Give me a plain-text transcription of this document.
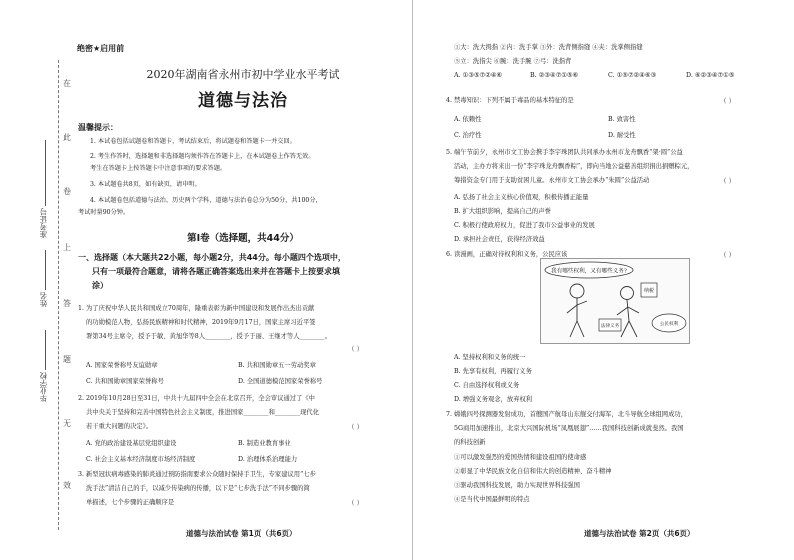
在
此
卷
上
答
题
无
效
准考证号
姓名
毕业学校
绝密★启用前
2020年湖南省永州市初中学业水平考试
道德与法治
温馨提示：
1. 本试卷包括试题卷和答题卡，考试结束后，将试题卷和答题卡一并交回。
2. 考生作答时，选择题和非选择题均须作答在答题卡上，在本试题卷上作答无效。
考生在答题卡上按答题卡中注意事项的要求答题。
3. 本试题卷共8页，如有缺页，请申明。
4. 本试题卷包括道德与法治、历史两个学科，道德与法治卷总分为50分，共100分，
考试时量90分钟。
第Ⅰ卷（选择题，共44分）
一、选择题（本大题共22小题，每小题2分，共44分。每小题四个选项中，
只有一项最符合题意，请将各题正确答案选出来并在答题卡上按要求填
涂）
1. 为了庆祝中华人民共和国成立70周年，隆重表彰为新中国建设和发展作出杰出贡献
的功勋模范人物，弘扬民族精神和时代精神，2019年9月17日，国家主席习近平签
署第34号主席令，授予于敏、黄旭华等8人________，授予于丽、王继才等人________。
（ ）
A. 国家荣誉称号友谊勋章	B. 共和国勋章五一劳动奖章
C. 共和国勋章国家荣誉称号	D. 全国道德模范国家荣誉称号
2. 2019年10月28日至31日，中共十九届四中全会在北京召开，全会审议通过了《中
共中央关于坚持和完善中国特色社会主义制度，推进国家________和________现代化
若干重大问题的决定》。	（ ）
A. 党的政治建设基层党组织建设	B. 制造业教育事业
C. 社会主义基本经济制度市场经济制度	D. 治理体系治理能力
3. 新型冠状病毒感染的肺炎通过预防指南要求公众随时保持手卫生，专家建议用“七步
洗手法”清洁自己的手，以减少传染病的传播，以下是“七步洗手法”不同步骤的简
单描述，七个步骤的正确顺序是	（ ）
道德与法治试卷 第1页（共6页）
①大：洗大拇指 ②内：洗手掌 ③外：洗背侧指缝 ④夹：洗掌侧指缝
⑤立：洗指尖 ⑥腕：洗手腕 ⑦弓：洗指背
A. ①③⑤⑦②④⑥	B. ②③④⑦①⑤⑥	C. ①⑤⑦②④⑥③	D. ⑥②③④⑦①⑤
4. 禁毒知识：下列不属于毒品的基本特征的是	（ ）
A. 依赖性	B. 致害性
C. 治疗性	D. 耐受性
5. 端午节前夕，永州市文工协会携手李宇珠团队共同承办永州市龙舟飘香“架·圆”公益
活动，主办方将来出一份“李宇珠龙舟飘香粽”，即向当地公益慈善组织捐出捐赠粽元，
筹措资金专门用于支助贫困儿童。永州市文工协会承办“朱圆”公益活动	（ ）
A. 弘扬了社会主义核心价值观，积极传播正能量
B. 扩大组织影响，提高自己的声誉
C. 积极行使政府权力，促进了我市公益事业的发展
D. 承担社会责任，获得经济效益
6. 读漫画，正确对待权利和义务，公民应该	（ ）
我有哪些权利，又有哪些义务?
纳税
法律义务	公民权利
A. 坚持权利和义务的统一
B. 先享有权利，再履行义务
C. 自由选择权利或义务
D. 增强义务观念，放弃权利
7. 嫦娥四号探测器发射成功，首艘国产航母山东舰交付海军，北斗导航全球组网成功，
5G商用加速推出，北京大兴国际机场“凤凰展翅”……我国科技创新成就斐然。我国
的科技创新
①可以激发强烈的爱国热情和建设祖国的使命感
②彰显了中华民族文化自信和伟大的创造精神、奋斗精神
③驱动我国科技发展，助力实现世界科技强国
④是当代中国最鲜明的特点
道德与法治试卷 第2页（共6页）
